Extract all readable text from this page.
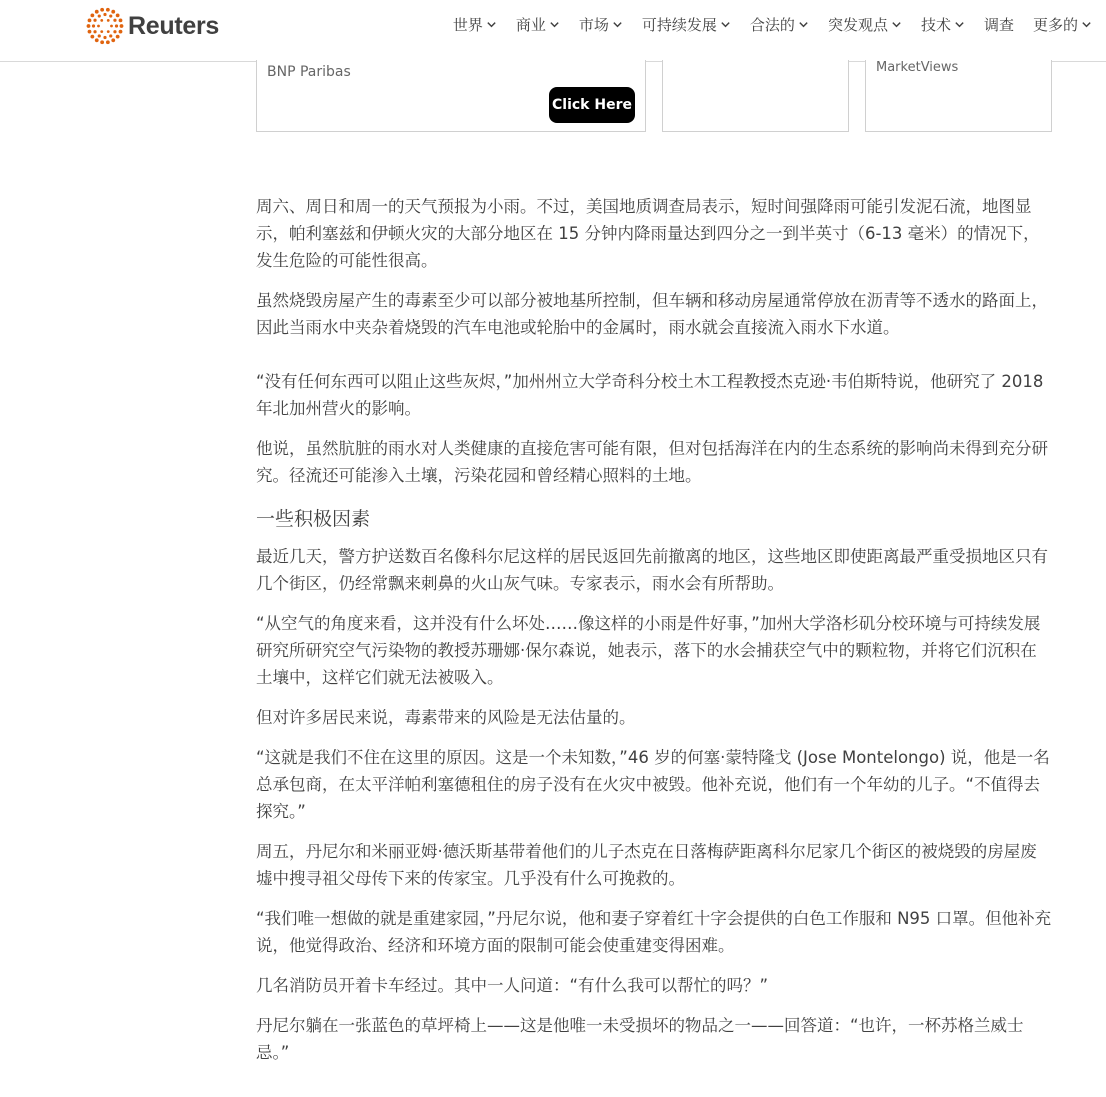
Reuters	世界 商业 市场 可持续发展 合法的 突发观点 技术 调查 更多的
BNP Paribas
Click Here
MarketViews

周六、周日和周一的天气预报为小雨。不过，美国地质调查局表示，短时间强降雨可能引发泥石流，地图显示，帕利塞兹和伊顿火灾的大部分地区在 15 分钟内降雨量达到四分之一到半英寸（6-13 毫米）的情况下，发生危险的可能性很高。

虽然烧毁房屋产生的毒素至少可以部分被地基所控制，但车辆和移动房屋通常停放在沥青等不透水的路面上，因此当雨水中夹杂着烧毁的汽车电池或轮胎中的金属时，雨水就会直接流入雨水下水道。

“没有任何东西可以阻止这些灰烬，”加州州立大学奇科分校土木工程教授杰克逊·韦伯斯特说，他研究了 2018 年北加州营火的影响。

他说，虽然肮脏的雨水对人类健康的直接危害可能有限，但对包括海洋在内的生态系统的影响尚未得到充分研究。径流还可能渗入土壤，污染花园和曾经精心照料的土地。

一些积极因素

最近几天，警方护送数百名像科尔尼这样的居民返回先前撤离的地区，这些地区即使距离最严重受损地区只有几个街区，仍经常飘来刺鼻的火山灰气味。专家表示，雨水会有所帮助。

“从空气的角度来看，这并没有什么坏处……像这样的小雨是件好事，”加州大学洛杉矶分校环境与可持续发展研究所研究空气污染物的教授苏珊娜·保尔森说，她表示，落下的水会捕获空气中的颗粒物，并将它们沉积在土壤中，这样它们就无法被吸入。

但对许多居民来说，毒素带来的风险是无法估量的。

“这就是我们不住在这里的原因。这是一个未知数，”46 岁的何塞·蒙特隆戈 (Jose Montelongo) 说，他是一名总承包商，在太平洋帕利塞德租住的房子没有在火灾中被毁。他补充说，他们有一个年幼的儿子。“不值得去探究。”

周五，丹尼尔和米丽亚姆·德沃斯基带着他们的儿子杰克在日落梅萨距离科尔尼家几个街区的被烧毁的房屋废墟中搜寻祖父母传下来的传家宝。几乎没有什么可挽救的。

“我们唯一想做的就是重建家园，”丹尼尔说，他和妻子穿着红十字会提供的白色工作服和 N95 口罩。但他补充说，他觉得政治、经济和环境方面的限制可能会使重建变得困难。

几名消防员开着卡车经过。其中一人问道：“有什么我可以帮忙的吗？”

丹尼尔躺在一张蓝色的草坪椅上——这是他唯一未受损坏的物品之一——回答道：“也许，一杯苏格兰威士忌。”
